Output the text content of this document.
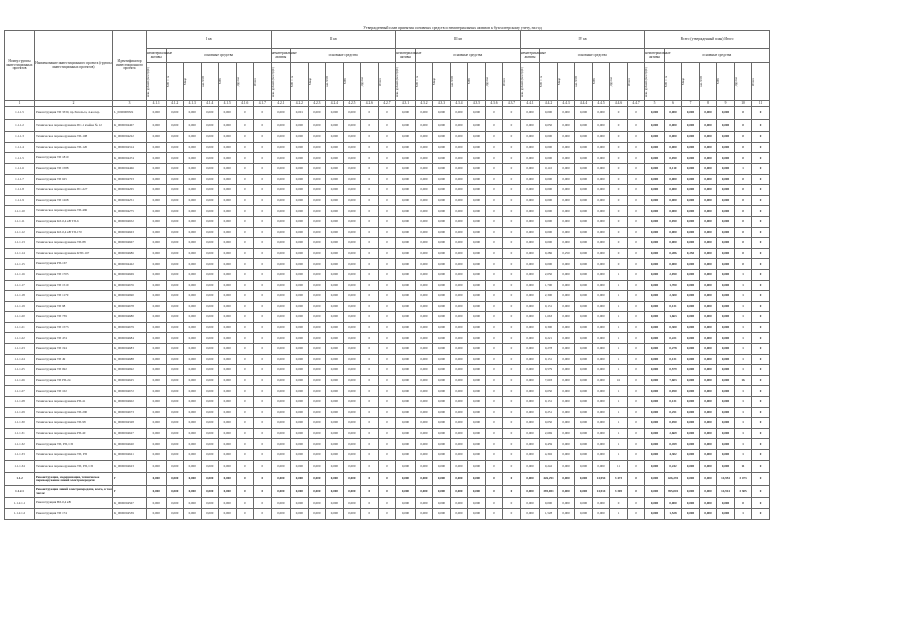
Утвержденный план принятия основных средств и нематериальных активов к бухгалтерскому учету, на год
Номер группы инвестиционных проектов	Наименование инвестиционного проекта (группы инвестиционных проектов)	Идентификатор инвестиционного проекта	I кв							II кв							III кв							IV кв							Всего (утвержденный план) Итого						
			нематериальные активы	основные средства						нематериальные активы	основные средства						нематериальные активы	основные средства						нематериальные активы	основные средства						нематериальные активы	основные средства					

			млн. рублей (без НДС)	МВ×А	Мвар	км ЛЭП	МВт	Другое	Итого	млн. рублей (без НДС)	МВ×А	Мвар	км ЛЭП	МВт	Другое	Итого	млн. рублей (без НДС)	МВ×А	Мвар	км ЛЭП	МВт	Другое	Итого	млн. рублей (без НДС)	МВ×А	Мвар	км ЛЭП	МВт	Другое	Итого	млн. рублей (без НДС)	МВ×А	Мвар	км ЛЭП	МВт	Другое	Итого

1	2	3	4.1.1	4.1.2	4.1.3	4.1.4	4.1.5	4.1.6	4.1.7	4.2.1	4.2.2	4.2.3	4.2.4	4.2.5	4.2.6	4.2.7	4.3.1	4.3.2	4.3.3	4.3.4	4.3.5	4.3.6	4.3.7	4.4.1	4.4.2	4.4.3	4.4.4	4.4.5	4.4.6	4.4.7	5	6	7	8	9	10	11
1.1.1.5	Реконструкция ТП 3330, пр.Энгельса, 4-ка пер.	L_0000008XX	0,000	0,000	0,000	0,000	0,000	0	0	0,000	0,001	0,000	0,000	0,000	0	0	0,000	0,000	0,000	0,000	0,000	0	0	0,000	0,000	0,000	0,000	0,000	0	0	0,000	0,000	0,000	0,000	0,000	0	0
1.1.1.2	Техническое перевооружение ПС-1 ячейка № 12	K_0000004467	0,000	0,000	0,000	0,000	0,000	0	0	0,000	0,000	0,000	0,000	0,000	0	0	0,000	0,000	0,000	0,000	0,000	0	0	0,000	0,050	0,000	0,000	0,000	0	0	0,000	0,000	0,000	0,000	0,000	0	0
1.1.1.3	Техническое перевооружение ТП-108	K_0000004222	0,000	0,000	0,000	0,000	0,000	0	0	0,000	0,000	0,000	0,000	0,000	0	0	0,000	0,000	0,000	0,000	0,000	0	0	0,000	0,000	0,000	0,000	0,000	0	0	0,000	0,000	0,000	0,000	0,000	0	0
1.1.1.4	Техническое перевооружение ТП-120	K_0000004314	0,000	0,000	0,000	0,000	0,000	0	0	0,000	0,000	0,000	0,000	0,000	0	0	0,000	0,000	0,000	0,000	0,000	0	0	0,000	0,000	0,000	0,000	0,000	0	0	0,000	0,000	0,000	0,000	0,000	0	0
1.1.1.5	Реконструкция ТП 1810	K_0000004474	0,000	0,000	0,000	0,000	0,000	0	0	0,000	0,000	0,000	0,000	0,000	0	0	0,000	0,000	0,000	0,000	0,000	0	0	0,000	0,000	0,000	0,000	0,000	0	0	0,000	0,050	0,000	0,000	0,000	0	0
1.1.1.6	Реконструкция ТП 1588	K_0000004466	0,000	0,000	0,000	0,000	0,000	0	0	0,000	0,000	0,000	0,000	0,000	0	0	0,000	0,000	0,000	0,000	0,000	0	0	0,000	0,110	0,000	0,000	0,000	0	0	0,000	0,110	0,000	0,000	0,000	1	0
1.1.1.7	Реконструкция ТП 625	K_0000004703	0,000	0,000	0,000	0,000	0,000	0	0	0,000	0,000	0,000	0,000	0,000	0	0	0,000	0,000	0,000	0,000	0,000	0	0	0,000	0,000	0,000	0,000	0,000	0	0	0,000	0,000	0,000	0,000	0,000	0	0
1.1.1.8	Техническое перевооружение ПС-227	K_0000004265	0,000	0,000	0,000	0,000	0,000	0	0	0,000	0,000	0,000	0,000	0,000	0	0	0,000	0,000	0,000	0,000	0,000	0	0	0,000	0,000	0,000	0,000	0,000	0	0	0,000	0,000	0,000	0,000	0,000	0	0
1.1.1.9	Реконструкция ТП 1268	K_0000004251	0,000	0,000	0,000	0,000	0,000	0	0	0,000	0,000	0,000	0,000	0,000	0	0	0,000	0,000	0,000	0,000	0,000	0	0	0,000	0,000	0,000	0,000	0,000	0	0	0,000	0,000	0,000	0,000	0,000	0	0
1.1.1.10	Техническое перевооружение ТП-496	K_0000004275	0,000	0,000	0,000	0,000	0,000	0	0	0,000	0,000	0,000	0,000	0,000	0	0	0,000	0,000	0,000	0,000	0,000	0	0	0,000	0,000	0,000	0,000	0,000	0	0	0,000	0,000	0,000	0,000	0,000	0	0
1.1.1.11	Реконструкция КЛ-0,4 кВ ТП-6	K_0000004652	0,000	0,000	0,000	0,000	0,000	0	0	0,000	0,000	0,000	0,000	0,000	0	0	0,000	0,000	0,000	0,000	0,000	0	0	0,000	0,000	0,000	0,000	0,000	0	0	0,000	0,050	0,000	0,000	0,000	0	0
1.1.1.12	Реконструкция КЛ-0,4 кВ ТП-170	K_0000004663	0,000	0,000	0,000	0,000	0,000	0	0	0,000	0,000	0,000	0,000	0,000	0	0	0,000	0,000	0,000	0,000	0,000	0	0	0,000	0,000	0,000	0,000	0,000	0	0	0,000	0,000	0,000	0,000	0,000	0	0
1.1.1.13	Техническое перевооружение ТП-88	K_0000004667	0,000	0,000	0,000	0,000	0,000	0	0	0,000	0,000	0,000	0,000	0,000	0	0	0,000	0,000	0,000	0,000	0,000	0	0	0,000	0,000	0,000	0,000	0,000	0	0	0,000	0,000	0,000	0,000	0,000	0	0
1.1.1.14	Техническое перевооружение КТП-167	K_0000004686	0,000	0,000	0,000	0,000	0,000	0	0	0,000	0,000	0,000	0,000	0,000	0	0	0,000	0,000	0,000	0,000	0,000	0	0	0,000	0,286	0,250	0,000	0,000	0	0	0,000	0,286	0,250	0,000	0,000	0	0
1.1.1.15	Реконструкция РП-167	K_0000004422	0,000	0,000	0,000	0,000	0,000	0	0	0,000	0,000	0,000	0,000	0,000	0	0	0,000	0,000	0,000	0,000	0,000	0	0	0,000	0,000	0,000	0,000	0,000	0	0	0,000	0,000	0,000	0,000	0,000	0	0
1.1.1.16	Реконструкция ТП 1705	K_0000004669	0,000	0,000	0,000	0,000	0,000	0	0	0,000	0,000	0,000	0,000	0,000	0	0	0,000	0,000	0,000	0,000	0,000	0	0	0,000	2,050	0,000	0,000	0,000	1	0	0,000	2,050	0,000	0,000	0,000	1	0
1.1.1.17	Реконструкция ТП 1519	K_0000004676	0,000	0,000	0,000	0,000	0,000	0	0	0,000	0,000	0,000	0,000	0,000	0	0	0,000	0,000	0,000	0,000	0,000	0	0	0,000	1,700	0,000	0,000	0,000	1	0	0,000	1,700	0,000	0,000	0,000	1	0
1.1.1.18	Реконструкция ТП 1179	K_0000004690	0,000	0,000	0,000	0,000	0,000	0	0	0,000	0,000	0,000	0,000	0,000	0	0	0,000	0,000	0,000	0,000	0,000	0	0	0,000	2,300	0,000	0,000	0,000	1	0	0,000	2,300	0,000	0,000	0,000	1	0
1.1.1.19	Реконструкция ТП 98	K_0000004678	0,000	0,000	0,000	0,000	0,000	0	0	0,000	0,000	0,000	0,000	0,000	0	0	0,000	0,000	0,000	0,000	0,000	0	0	0,000	0,131	0,000	0,000	0,000	1	0	0,000	0,131	0,000	0,000	0,000	1	0
1.1.1.20	Реконструкция ТП 739	K_0000004680	0,000	0,000	0,000	0,000	0,000	0	0	0,000	0,000	0,000	0,000	0,000	0	0	0,000	0,000	0,000	0,000	0,000	0	0	0,000	1,663	0,000	0,000	0,000	1	0	0,000	1,663	0,000	0,000	0,000	1	0
1.1.1.21	Реконструкция ТП 1573	K_0000004679	0,000	0,000	0,000	0,000	0,000	0	0	0,000	0,000	0,000	0,000	0,000	0	0	0,000	0,000	0,000	0,000	0,000	0	0	0,000	0,300	0,000	0,000	0,000	1	0	0,000	0,300	0,000	0,000	0,000	1	0
1.1.1.22	Реконструкция ТП 474	K_0000004684	0,000	0,000	0,000	0,000	0,000	0	0	0,000	0,000	0,000	0,000	0,000	0	0	0,000	0,000	0,000	0,000	0,000	0	0	0,000	0,221	0,000	0,000	0,000	1	0	0,000	0,221	0,000	0,000	0,000	1	0
1.1.1.23	Реконструкция ТП 194	K_0000004683	0,000	0,000	0,000	0,000	0,000	0	0	0,000	0,000	0,000	0,000	0,000	0	0	0,000	0,000	0,000	0,000	0,000	0	0	0,000	0,278	0,000	0,000	0,000	1	0	0,000	0,278	0,000	0,000	0,000	1	0
1.1.1.24	Реконструкция ТП 49	K_0000004688	0,000	0,000	0,000	0,000	0,000	0	0	0,000	0,000	0,000	0,000	0,000	0	0	0,000	0,000	0,000	0,000	0,000	0	0	0,000	0,131	0,000	0,000	0,000	1	0	0,000	0,131	0,000	0,000	0,000	1	0
1.1.1.25	Реконструкция ТП 692	K_0000004692	0,000	0,000	0,000	0,000	0,000	0	0	0,000	0,000	0,000	0,000	0,000	0	0	0,000	0,000	0,000	0,000	0,000	0	0	0,000	0,579	0,000	0,000	0,000	1	0	0,000	0,579	0,000	0,000	0,000	1	0
1.1.1.26	Реконструкция ТП РП-24	K_0000004625	0,000	0,000	0,000	0,000	0,000	0	0	0,000	0,000	0,000	0,000	0,000	0	0	0,000	0,000	0,000	0,000	0,000	0	0	0,000	7,603	0,000	0,000	0,000	16	0	0,000	7,603	0,000	0,000	0,000	16	0
1.1.1.27	Реконструкция ТП 102	K_0000004672	0,000	0,000	0,000	0,000	0,000	0	0	0,000	0,000	0,000	0,000	0,000	0	0	0,000	0,000	0,000	0,000	0,000	0	0	0,000	0,050	0,000	0,000	0,000	1	0	0,000	0,050	0,000	0,000	0,000	1	0
1.1.1.28	Техническое перевооружение РП-41	K_0000004602	0,000	0,000	0,000	0,000	0,000	0	0	0,000	0,000	0,000	0,000	0,000	0	0	0,000	0,000	0,000	0,000	0,000	0	0	0,000	0,131	0,000	0,000	0,000	1	0	0,000	0,131	0,000	0,000	0,000	1	0
1.1.1.29	Техническое перевооружение ТП-290	K_0000004673	0,000	0,000	0,000	0,000	0,000	0	0	0,000	0,000	0,000	0,000	0,000	0	0	0,000	0,000	0,000	0,000	0,000	0	0	0,000	0,251	0,000	0,000	0,000	1	0	0,000	0,251	0,000	0,000	0,000	1	0
1.1.1.30	Техническое перевооружение ТП-98	K_0000004328	0,000	0,000	0,000	0,000	0,000	0	0	0,000	0,000	0,000	0,000	0,000	0	0	0,000	0,000	0,000	0,000	0,000	0	0	0,000	0,050	0,000	0,000	0,000	1	0	0,000	0,050	0,000	0,000	0,000	1	0
1.1.1.31	Техническое перевооружение РП-40	K_0000004627	0,000	0,000	0,000	0,000	0,000	0	0	0,000	0,000	0,000	0,000	0,000	0	0	0,000	0,000	0,000	0,000	0,000	0	0	0,000	2,669	0,000	0,000	0,000	1	0	0,000	2,669	0,000	0,000	0,000	1	0
1.1.1.32	Реконструкция ТП, РП, СП	K_0000004620	0,000	0,000	0,000	0,000	0,000	0	0	0,000	0,000	0,000	0,000	0,000	0	0	0,000	0,000	0,000	0,000	0,000	0	0	0,000	0,459	0,000	0,000	0,000	1	0	0,000	0,459	0,000	0,000	0,000	1	0
1.1.1.33	Техническое перевооружение ТП, РП	K_0000004621	0,000	0,000	0,000	0,000	0,000	0	0	0,000	0,000	0,000	0,000	0,000	0	0	0,000	0,000	0,000	0,000	0,000	0	0	0,000	4,302	0,000	0,000	0,000	1	0	0,000	4,302	0,000	0,000	0,000	1	0
1.1.1.34	Техническое перевооружение ТП, РП, СП	K_0000004623	0,000	0,000	0,000	0,000	0,000	0	0	0,000	0,000	0,000	0,000	0,000	0	0	0,000	0,000	0,000	0,000	0,000	0	0	0,000	0,242	0,000	0,000	0,000	11	0	0,000	0,242	0,000	0,000	0,000	11	0
1.1.2	Реконструкция, модернизация, техническое перевооружение линий электропередачи	Г	0,000	0,000	0,000	0,000	0,000	0	0	0,000	0,000	0,000	0,000	0,000	0	0	0,000	0,000	0,000	0,000	0,000	0	0	0,000	426,291	0,000	0,000	14,954	3 473	0	0,000	426,291	0,000	0,000	14,954	3 473	0
1.1.2.1	Реконструкция линий электропередачи, всего, в том числе:	Г	0,000	0,000	0,000	0,000	0,000	0	0	0,000	0,000	0,000	0,000	0,000	0	0	0,000	0,000	0,000	0,000	0,000	0	0	0,000	395,001	0,000	0,000	14,914	3 305	0	0,000	395,001	0,000	0,000	14,914	3 305	0
1.1.2.1.1	Реконструкция ВЛ-0,4 кВ	K_0000004567	0,000	0,000	0,000	0,000	0,000	0	0	0,000	0,000	0,000	0,000	0,000	0	0	0,000	0,000	0,000	0,000	0,000	0	0	0,000	0,000	0,000	0,000	0,000	0	0	0,000	0,000	0,000	0,000	0,000	0	0
1.1.2.1.2	Реконструкция ТП 174	K_0000004539	0,000	0,000	0,000	0,000	0,000	0	0	0,000	0,000	0,000	0,000	0,000	0	0	0,000	0,000	0,000	0,000	0,000	0	0	0,000	1,528	0,000	0,000	0,000	1	0	0,000	1,528	0,000	0,000	0,000	1	0
